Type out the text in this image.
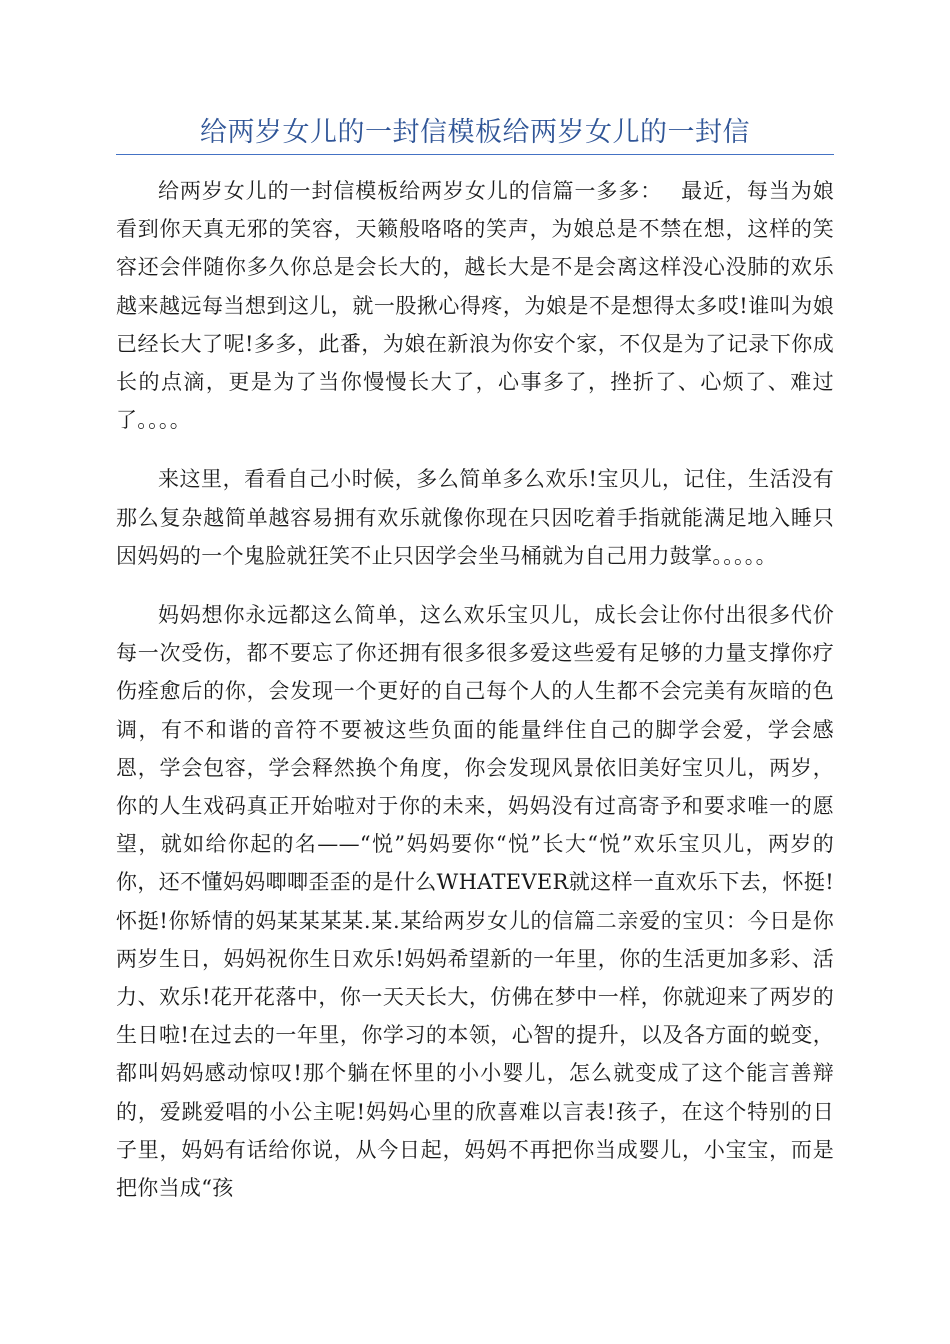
给两岁女儿的一封信模板给两岁女儿的一封信

给两岁女儿的一封信模板给两岁女儿的信篇一多多：　 最近，每当为娘看到你天真无邪的笑容，天籁般咯咯的笑声，为娘总是不禁在想，这样的笑容还会伴随你多久你总是会长大的，越长大是不是会离这样没心没肺的欢乐越来越远每当想到这儿，就一股揪心得疼，为娘是不是想得太多哎!谁叫为娘已经长大了呢!多多，此番，为娘在新浪为你安个家，不仅是为了记录下你成长的点滴，更是为了当你慢慢长大了，心事多了，挫折了、心烦了、难过了。。。。

来这里，看看自己小时候，多么简单多么欢乐!宝贝儿，记住，生活没有那么复杂越简单越容易拥有欢乐就像你现在只因吃着手指就能满足地入睡只因妈妈的一个鬼脸就狂笑不止只因学会坐马桶就为自己用力鼓掌。。。。。

妈妈想你永远都这么简单，这么欢乐宝贝儿，成长会让你付出很多代价每一次受伤，都不要忘了你还拥有很多很多爱这些爱有足够的力量支撑你疗伤痊愈后的你，会发现一个更好的自己每个人的人生都不会完美有灰暗的色调，有不和谐的音符不要被这些负面的能量绊住自己的脚学会爱，学会感恩，学会包容，学会释然换个角度，你会发现风景依旧美好宝贝儿，两岁，你的人生戏码真正开始啦对于你的未来，妈妈没有过高寄予和要求唯一的愿望，就如给你起的名——“悦”妈妈要你“悦”长大“悦”欢乐宝贝儿，两岁的你，还不懂妈妈唧唧歪歪的是什么WHATEVER就这样一直欢乐下去，怀挺!怀挺!你矫情的妈某某某某.某.某给两岁女儿的信篇二亲爱的宝贝：今日是你两岁生日，妈妈祝你生日欢乐!妈妈希望新的一年里，你的生活更加多彩、活力、欢乐!花开花落中，你一天天长大，仿佛在梦中一样，你就迎来了两岁的生日啦!在过去的一年里，你学习的本领，心智的提升，以及各方面的蜕变，都叫妈妈感动惊叹!那个躺在怀里的小小婴儿，怎么就变成了这个能言善辩的，爱跳爱唱的小公主呢!妈妈心里的欣喜难以言表!孩子，在这个特别的日子里，妈妈有话给你说，从今日起，妈妈不再把你当成婴儿，小宝宝，而是把你当成“孩
